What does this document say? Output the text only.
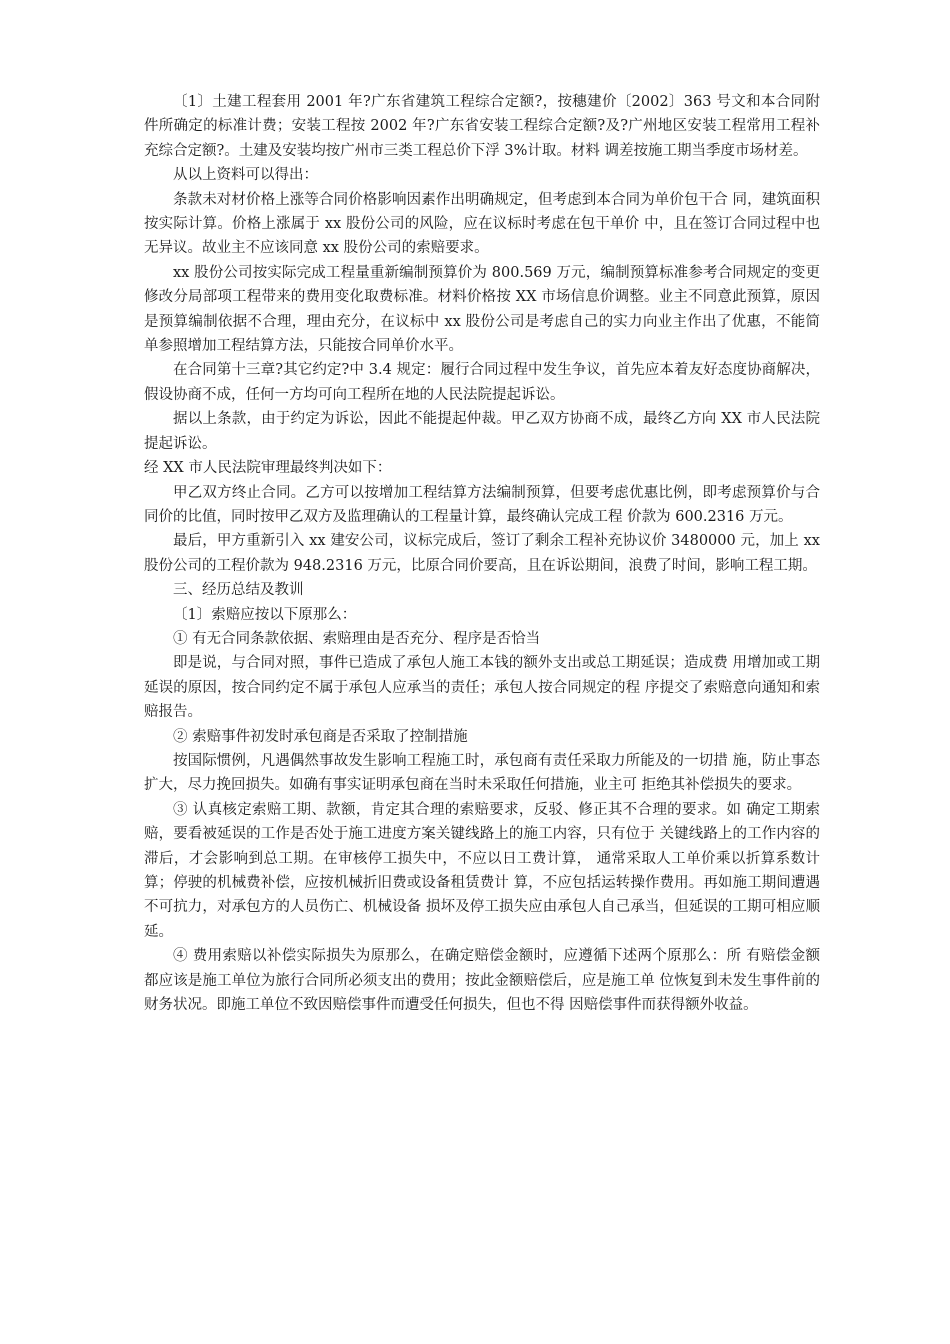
〔1〕土建工程套用 2001 年?广东省建筑工程综合定额?，按穗建价〔2002〕363 号文和本合同附件所确定的标准计费；安装工程按 2002 年?广东省安装工程综合定额?及?广州地区安装工程常用工程补充综合定额?。土建及安装均按广州市三类工程总价下浮 3%计取。材料 调差按施工期当季度市场材差。

从以上资料可以得出：

条款未对材价格上涨等合同价格影响因素作出明确规定，但考虑到本合同为单价包干合 同，建筑面积按实际计算。价格上涨属于 xx 股份公司的风险，应在议标时考虑在包干单价 中，且在签订合同过程中也无异议。故业主不应该同意 xx 股份公司的索赔要求。

xx 股份公司按实际完成工程量重新编制预算价为 800.569 万元，编制预算标准参考合同规定的变更修改分局部项工程带来的费用变化取费标准。材料价格按 XX 市场信息价调整。业主不同意此预算，原因是预算编制依据不合理，理由充分，在议标中 xx 股份公司是考虑自己的实力向业主作出了优惠，不能简单参照增加工程结算方法，只能按合同单价水平。

在合同第十三章?其它约定?中 3.4 规定：履行合同过程中发生争议，首先应本着友好态度协商解决，假设协商不成，任何一方均可向工程所在地的人民法院提起诉讼。

据以上条款，由于约定为诉讼，因此不能提起仲裁。甲乙双方协商不成，最终乙方向 XX 市人民法院提起诉讼。

经 XX 市人民法院审理最终判决如下：

甲乙双方终止合同。乙方可以按增加工程结算方法编制预算，但要考虑优惠比例，即考虑预算价与合同价的比值，同时按甲乙双方及监理确认的工程量计算，最终确认完成工程 价款为 600.2316 万元。

最后，甲方重新引入 xx 建安公司，议标完成后，签订了剩余工程补充协议价 3480000 元，加上 xx 股份公司的工程价款为 948.2316 万元，比原合同价要高，且在诉讼期间，浪费了时间，影响工程工期。

三、经历总结及教训

〔1〕索赔应按以下原那么：

① 有无合同条款依据、索赔理由是否充分、程序是否恰当

即是说，与合同对照，事件已造成了承包人施工本钱的额外支出或总工期延误；造成费 用增加或工期延误的原因，按合同约定不属于承包人应承当的责任；承包人按合同规定的程 序提交了索赔意向通知和索赔报告。

② 索赔事件初发时承包商是否采取了控制措施

按国际惯例，凡遇偶然事故发生影响工程施工时，承包商有责任采取力所能及的一切措 施，防止事态扩大，尽力挽回损失。如确有事实证明承包商在当时未采取任何措施，业主可 拒绝其补偿损失的要求。

③ 认真核定索赔工期、款额，肯定其合理的索赔要求，反驳、修正其不合理的要求。如 确定工期索赔，要看被延误的工作是否处于施工进度方案关键线路上的施工内容，只有位于 关键线路上的工作内容的滞后，才会影响到总工期。在审核停工损失中，不应以日工费计算， 通常采取人工单价乘以折算系数计算；停驶的机械费补偿，应按机械折旧费或设备租赁费计 算，不应包括运转操作费用。再如施工期间遭遇不可抗力，对承包方的人员伤亡、机械设备 损坏及停工损失应由承包人自己承当，但延误的工期可相应顺延。

④ 费用索赔以补偿实际损失为原那么，在确定赔偿金额时，应遵循下述两个原那么：所 有赔偿金额都应该是施工单位为旅行合同所必须支出的费用；按此金额赔偿后，应是施工单 位恢复到未发生事件前的财务状况。即施工单位不致因赔偿事件而遭受任何损失，但也不得 因赔偿事件而获得额外收益。
